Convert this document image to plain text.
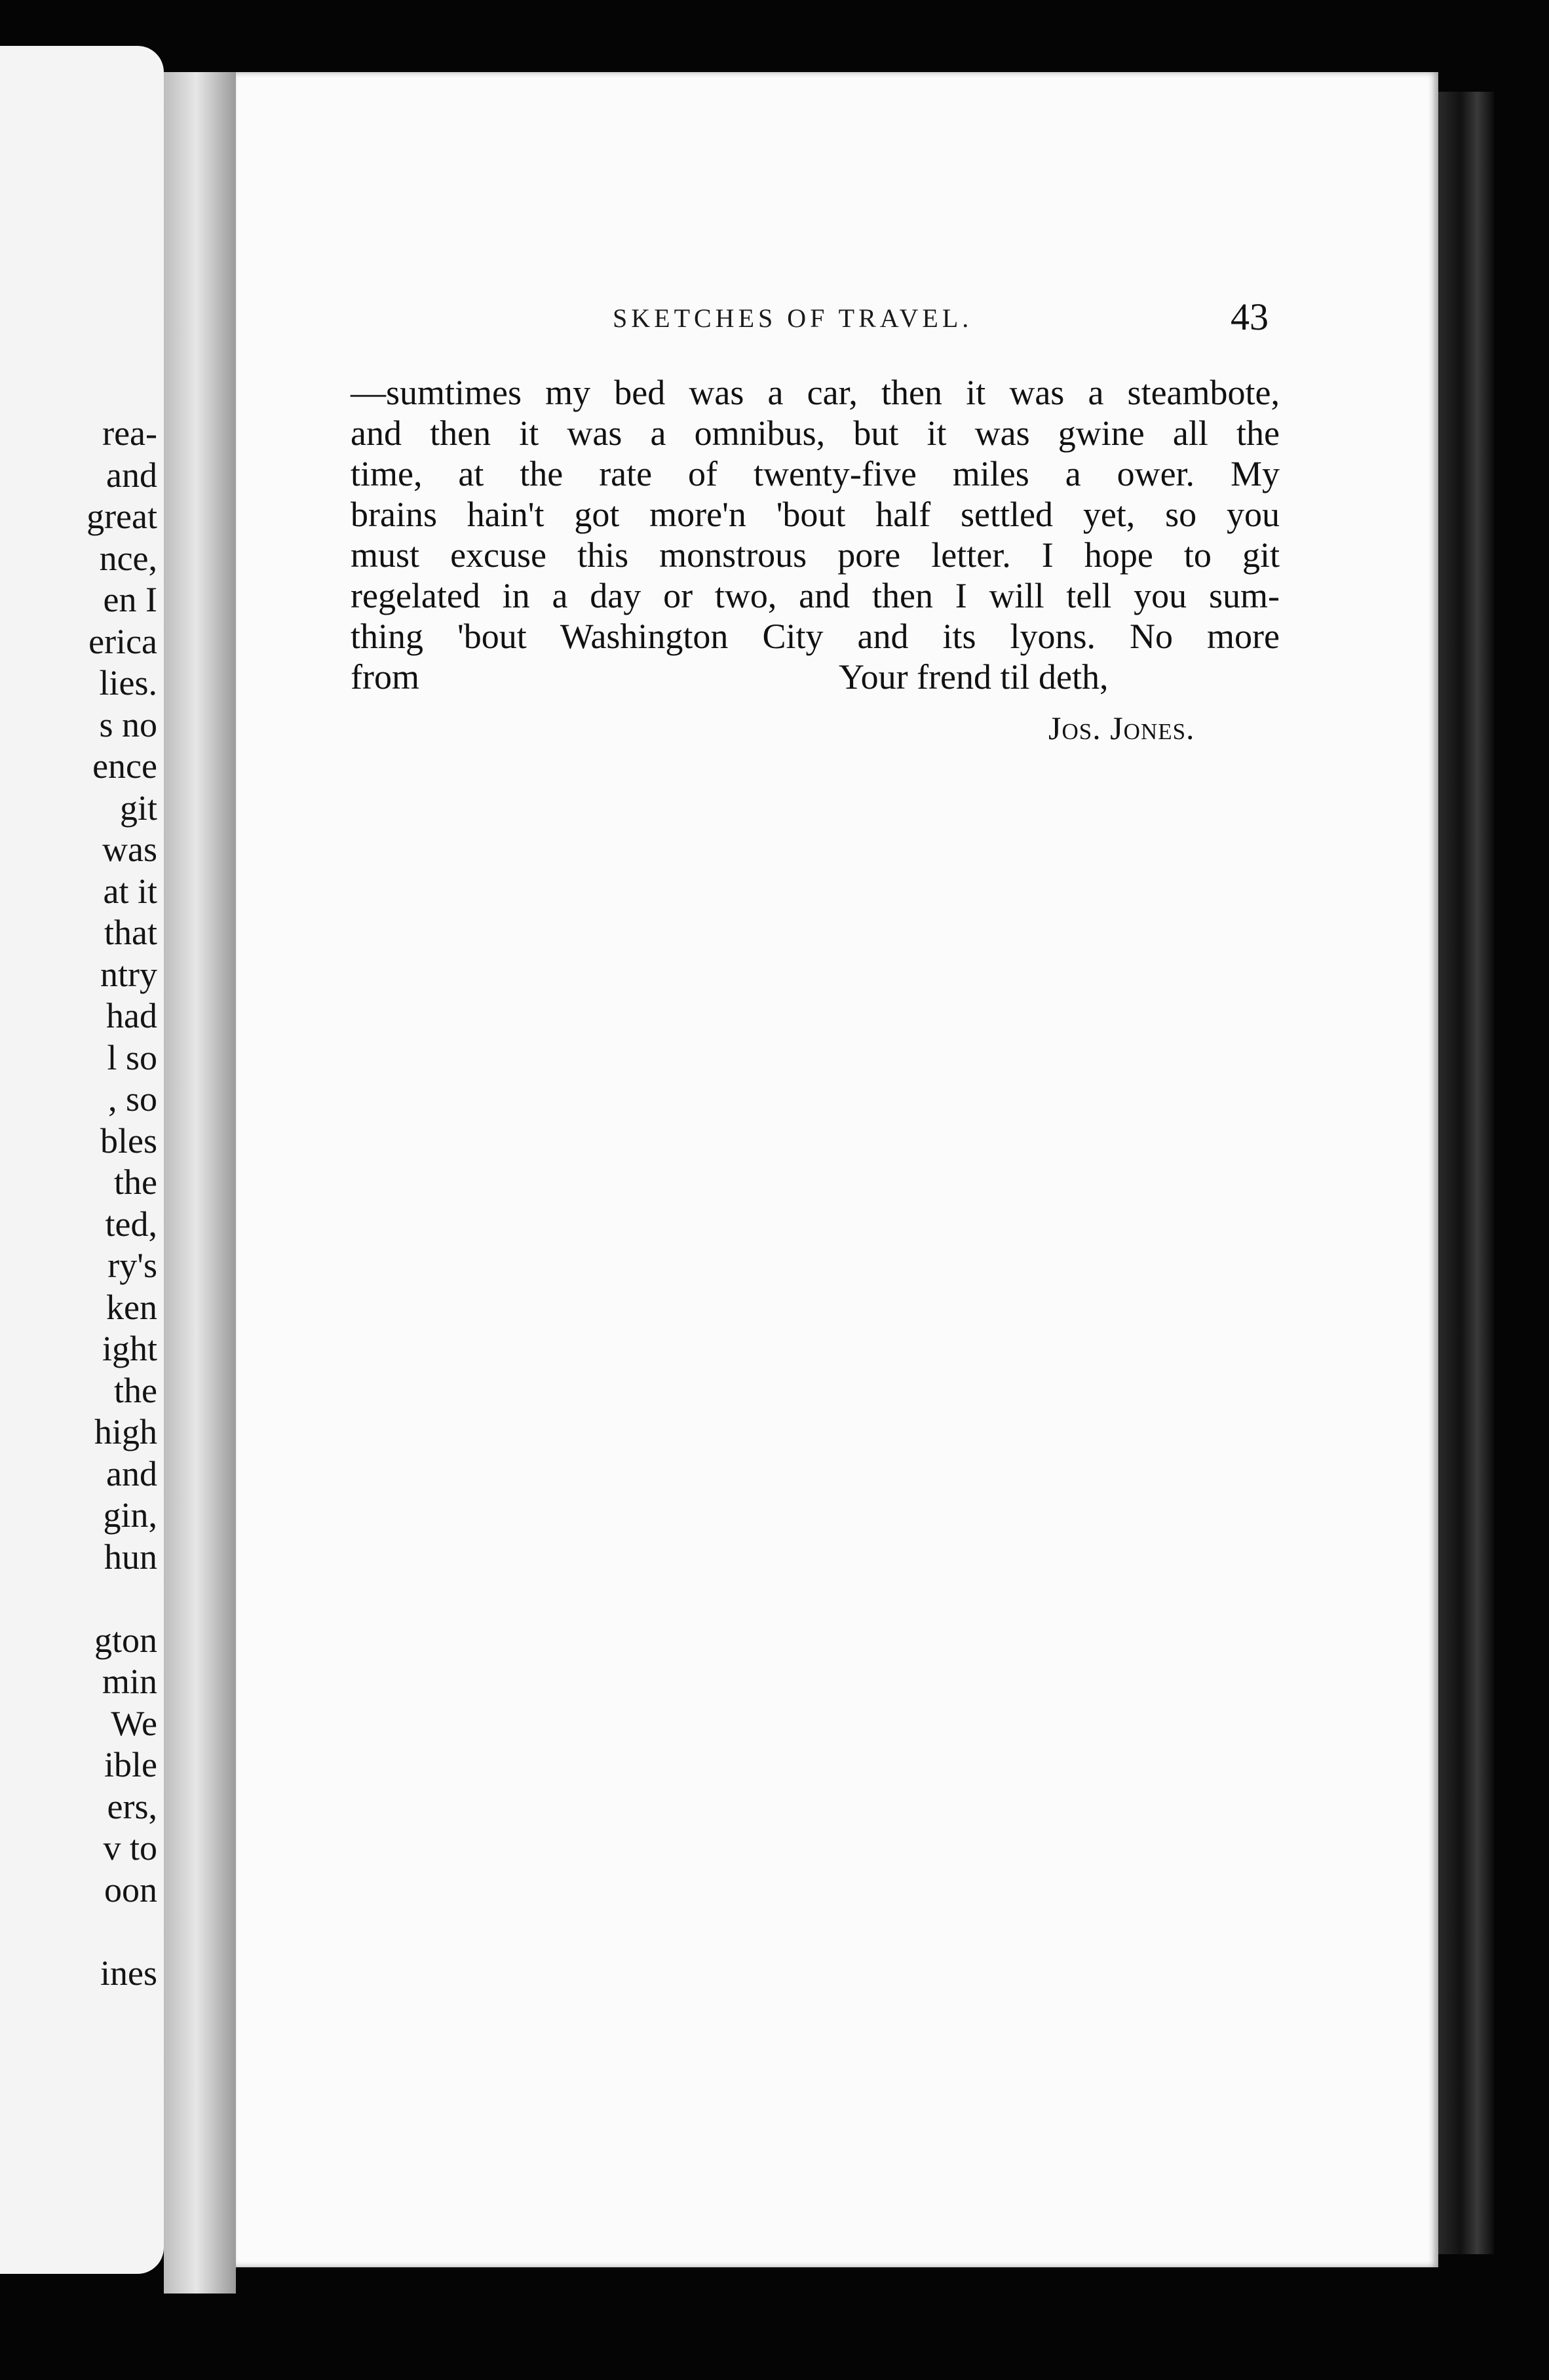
rea-
and
great
nce,
en I
erica
lies.
s no
ence
git
was
at it
that
ntry
had
l so
, so
bles
the
ted,
ry's
ken
ight
the
high
and
gin,
hun
gton
min
We
ible
ers,
v to
oon
ines
SKETCHES OF TRAVEL.	43
—sumtimes my bed was a car, then it was a steambote,
and then it was a omnibus, but it was gwine all the
time, at the rate of twenty-five miles a ower. My
brains hain't got more'n 'bout half settled yet, so you
must excuse this monstrous pore letter. I hope to git
regelated in a day or two, and then I will tell you sum-
thing 'bout Washington City and its lyons. No more
from	Your frend til deth,
Jos. Jones.
